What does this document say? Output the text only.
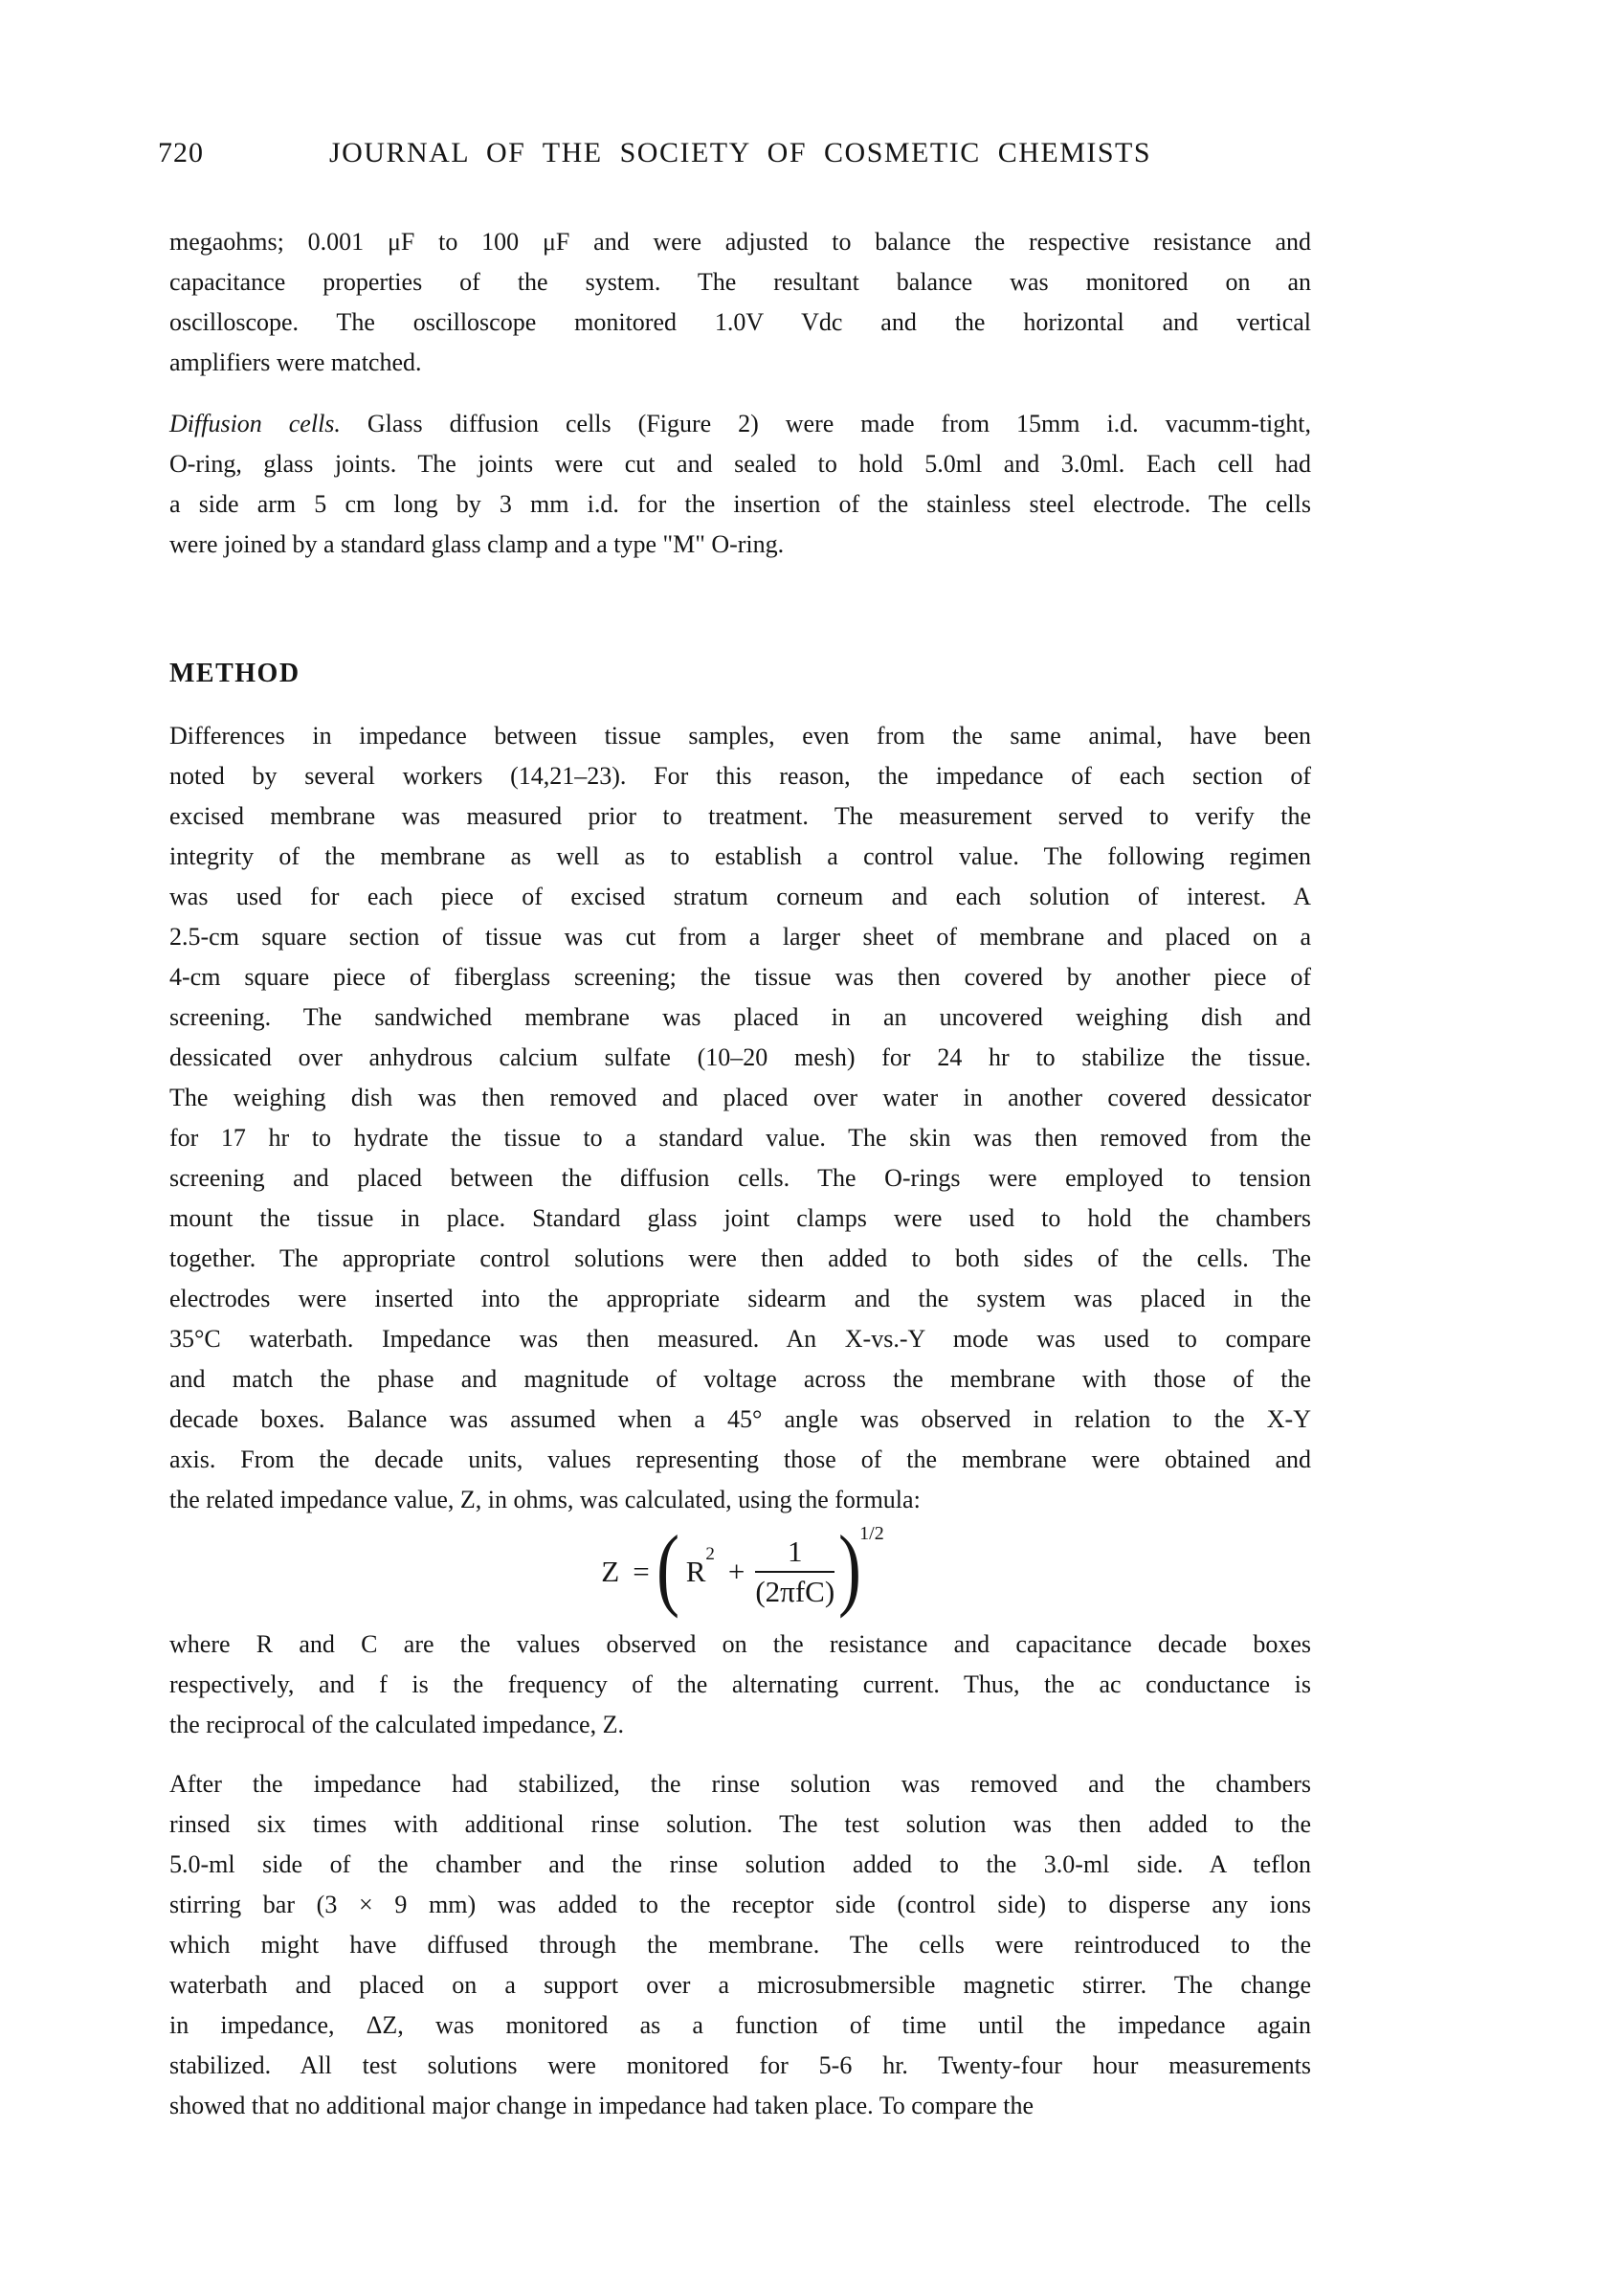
720	JOURNAL OF THE SOCIETY OF COSMETIC CHEMISTS
megaohms; 0.001 μF to 100 μF and were adjusted to balance the respective resistance and
capacitance properties of the system. The resultant balance was monitored on an
oscilloscope. The oscilloscope monitored 1.0V Vdc and the horizontal and vertical
amplifiers were matched.
Diffusion cells. Glass diffusion cells (Figure 2) were made from 15mm i.d. vacumm-tight,
O-ring, glass joints. The joints were cut and sealed to hold 5.0ml and 3.0ml. Each cell had
a side arm 5 cm long by 3 mm i.d. for the insertion of the stainless steel electrode. The cells
were joined by a standard glass clamp and a type "M" O-ring.
METHOD
Differences in impedance between tissue samples, even from the same animal, have been
noted by several workers (14,21–23). For this reason, the impedance of each section of
excised membrane was measured prior to treatment. The measurement served to verify the
integrity of the membrane as well as to establish a control value. The following regimen
was used for each piece of excised stratum corneum and each solution of interest. A
2.5-cm square section of tissue was cut from a larger sheet of membrane and placed on a
4-cm square piece of fiberglass screening; the tissue was then covered by another piece of
screening. The sandwiched membrane was placed in an uncovered weighing dish and
dessicated over anhydrous calcium sulfate (10–20 mesh) for 24 hr to stabilize the tissue.
The weighing dish was then removed and placed over water in another covered dessicator
for 17 hr to hydrate the tissue to a standard value. The skin was then removed from the
screening and placed between the diffusion cells. The O-rings were employed to tension
mount the tissue in place. Standard glass joint clamps were used to hold the chambers
together. The appropriate control solutions were then added to both sides of the cells. The
electrodes were inserted into the appropriate sidearm and the system was placed in the
35°C waterbath. Impedance was then measured. An X-vs.-Y mode was used to compare
and match the phase and magnitude of voltage across the membrane with those of the
decade boxes. Balance was assumed when a 45° angle was observed in relation to the X-Y
axis. From the decade units, values representing those of the membrane were obtained and
the related impedance value, Z, in ohms, was calculated, using the formula:
Z = ( $R^2$
+ $\frac{1}{\text{(2πfC)}}$ )
1/2
where R and C are the values observed on the resistance and capacitance decade boxes
respectively, and f is the frequency of the alternating current. Thus, the ac conductance is
the reciprocal of the calculated impedance, Z.
After the impedance had stabilized, the rinse solution was removed and the chambers
rinsed six times with additional rinse solution. The test solution was then added to the
5.0-ml side of the chamber and the rinse solution added to the 3.0-ml side. A teflon
stirring bar (3 × 9 mm) was added to the receptor side (control side) to disperse any ions
which might have diffused through the membrane. The cells were reintroduced to the
waterbath and placed on a support over a microsubmersible magnetic stirrer. The change
in impedance, ΔZ, was monitored as a function of time until the impedance again
stabilized. All test solutions were monitored for 5-6 hr. Twenty-four hour measurements
showed that no additional major change in impedance had taken place. To compare the
